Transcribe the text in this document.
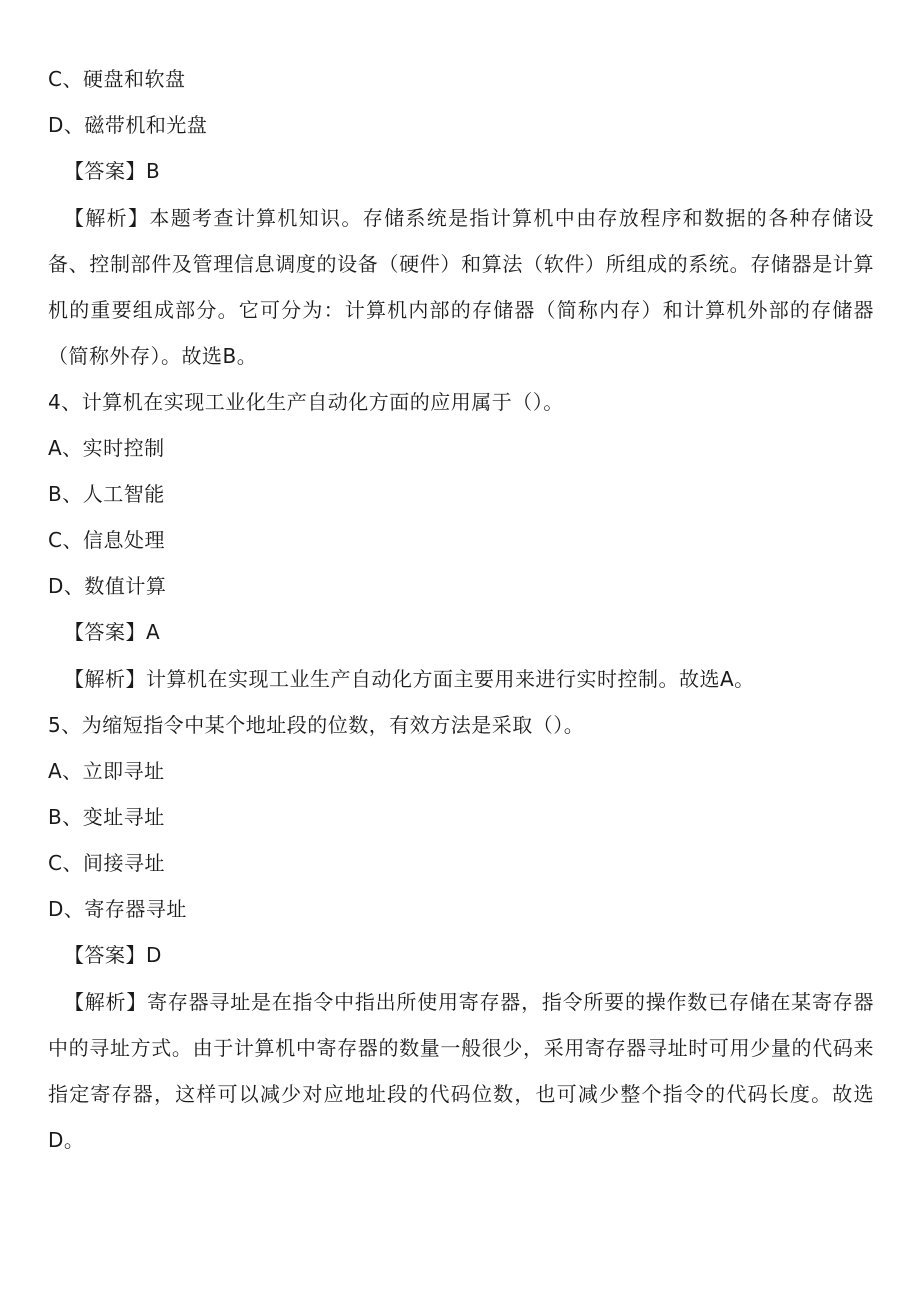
C、硬盘和软盘
D、磁带机和光盘
【答案】B
【解析】本题考查计算机知识。存储系统是指计算机中由存放程序和数据的各种存储设备、控制部件及管理信息调度的设备（硬件）和算法（软件）所组成的系统。存储器是计算机的重要组成部分。它可分为：计算机内部的存储器（简称内存）和计算机外部的存储器（简称外存）。故选B。
4、计算机在实现工业化生产自动化方面的应用属于（）。
A、实时控制
B、人工智能
C、信息处理
D、数值计算
【答案】A
【解析】计算机在实现工业生产自动化方面主要用来进行实时控制。故选A。
5、为缩短指令中某个地址段的位数，有效方法是采取（）。
A、立即寻址
B、变址寻址
C、间接寻址
D、寄存器寻址
【答案】D
【解析】寄存器寻址是在指令中指出所使用寄存器，指令所要的操作数已存储在某寄存器中的寻址方式。由于计算机中寄存器的数量一般很少，采用寄存器寻址时可用少量的代码来指定寄存器，这样可以减少对应地址段的代码位数，也可减少整个指令的代码长度。故选D。
